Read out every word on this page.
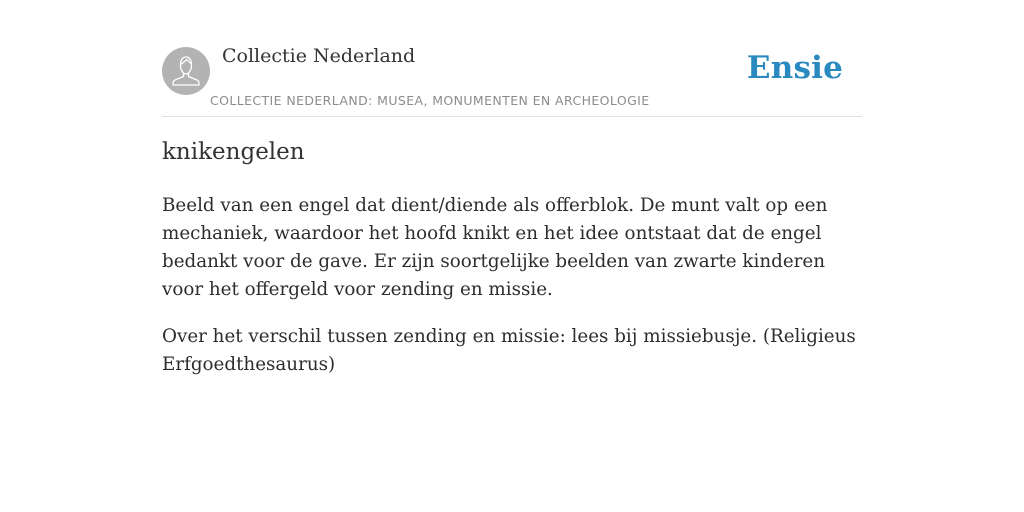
Collectie Nederland
COLLECTIE NEDERLAND: MUSEA, MONUMENTEN EN ARCHEOLOGIE
Ensie
knikengelen

Beeld van een engel dat dient/diende als offerblok. De munt valt op een mechaniek, waardoor het hoofd knikt en het idee ontstaat dat de engel bedankt voor de gave. Er zijn soortgelijke beelden van zwarte kinderen voor het offergeld voor zending en missie.

Over het verschil tussen zending en missie: lees bij missiebusje. (Religieus Erfgoedthesaurus)
